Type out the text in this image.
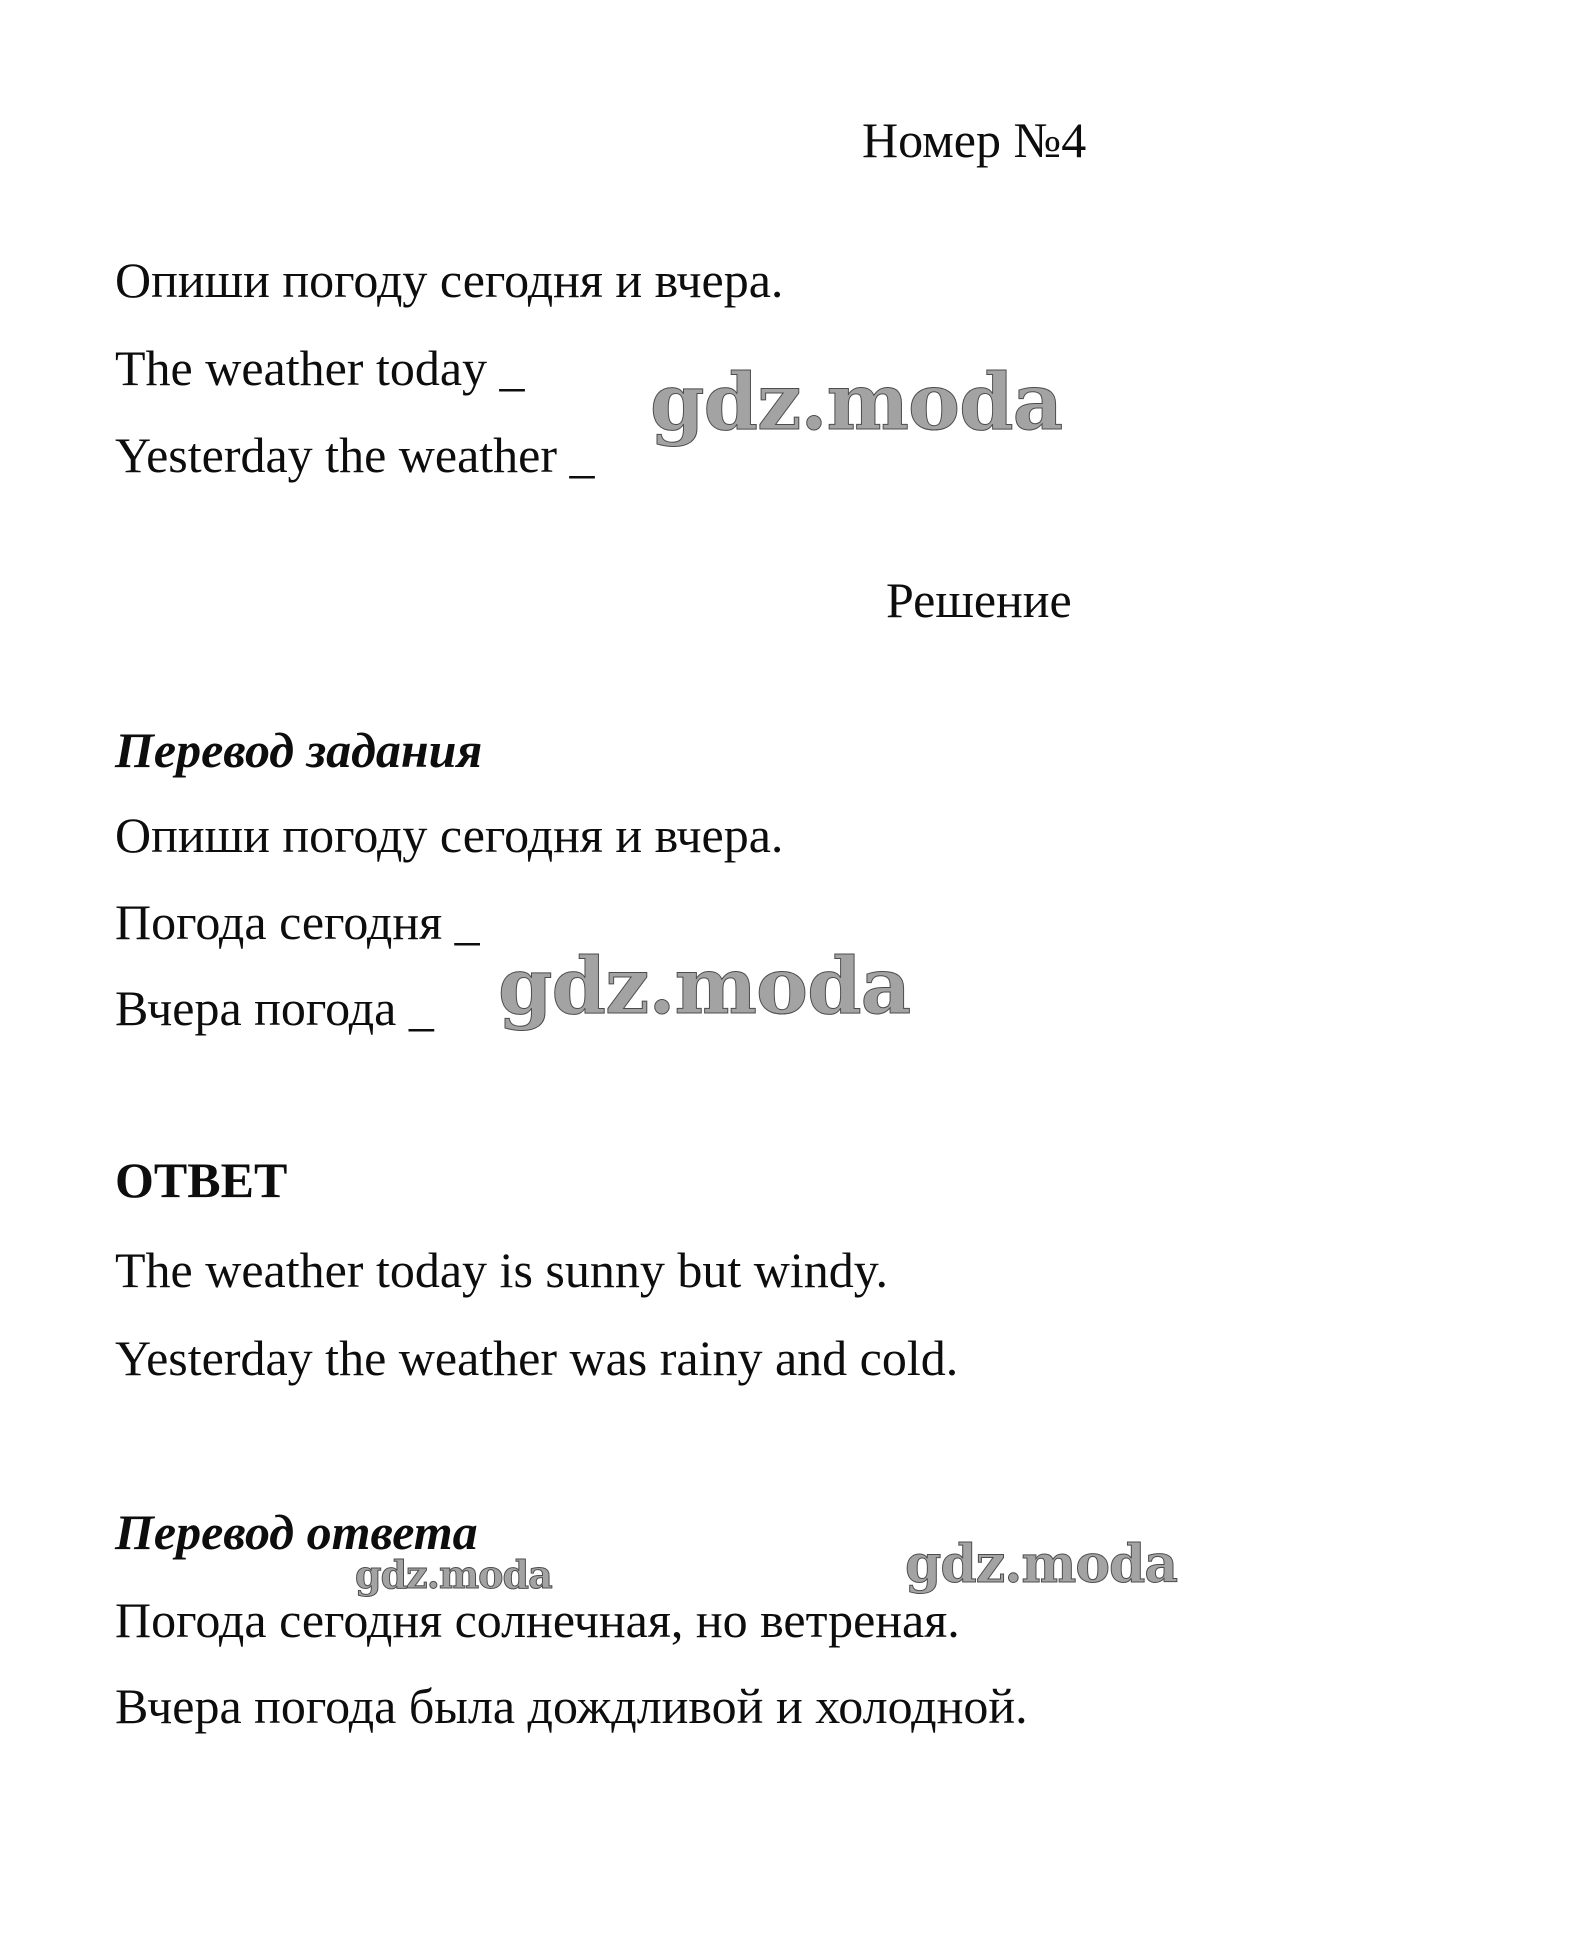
Номер №4
Опиши погоду сегодня и вчера.
The weather today _
Yesterday the weather _
Решение
Перевод задания
Опиши погоду сегодня и вчера.
Погода сегодня _
Вчера погода _
ОТВЕТ
The weather today is sunny but windy.
Yesterday the weather was rainy and cold.
Перевод ответа
Погода сегодня солнечная, но ветреная.
Вчера погода была дождливой и холодной.
gdz.moda
gdz.moda
gdz.moda
gdz.moda
